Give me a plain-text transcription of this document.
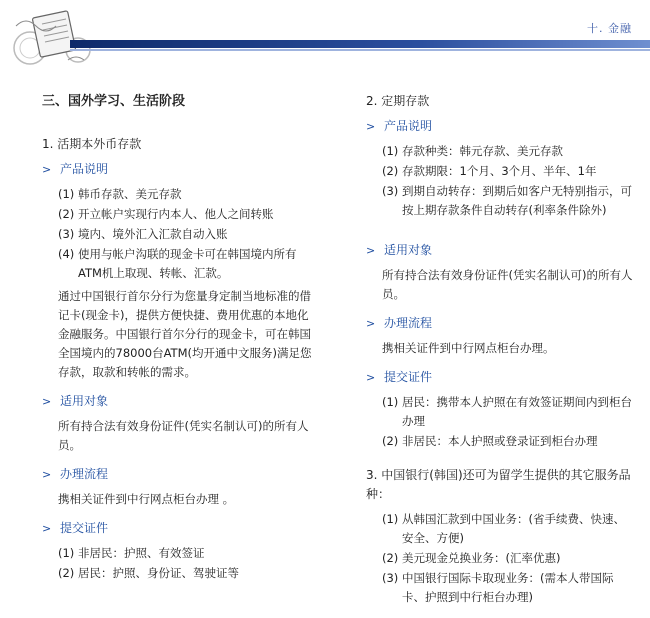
十. 金融
三、国外学习、生活阶段
1. 活期本外币存款
> 产品说明
(1) 韩币存款、美元存款
(2) 开立帐户实现行内本人、他人之间转账
(3) 境内、境外汇入汇款自动入账
(4) 使用与帐户沟联的现金卡可在韩国境内所有ATM机上取现、转帐、汇款。
通过中国银行首尔分行为您量身定制当地标准的借记卡(现金卡)，提供方便快捷、费用优惠的本地化金融服务。中国银行首尔分行的现金卡，可在韩国全国境内的78000台ATM(均开通中文服务)满足您存款，取款和转帐的需求。
> 适用对象
所有持合法有效身份证件(凭实名制认可)的所有人员。
> 办理流程
携相关证件到中行网点柜台办理 。
> 提交证件
(1) 非居民：护照、有效签证
(2) 居民：护照、身份证、驾驶证等
2. 定期存款
> 产品说明
(1) 存款种类：韩元存款、美元存款
(2) 存款期限：1个月、3个月、半年、1年
(3) 到期自动转存：到期后如客户无特别指示，可按上期存款条件自动转存(利率条件除外)
> 适用对象
所有持合法有效身份证件(凭实名制认可)的所有人员。
> 办理流程
携相关证件到中行网点柜台办理。
> 提交证件
(1) 居民：携带本人护照在有效签证期间内到柜台办理
(2) 非居民：本人护照或登录证到柜台办理
3. 中国银行(韩国)还可为留学生提供的其它服务品种：
(1) 从韩国汇款到中国业务：(省手续费、快速、安全、方便)
(2) 美元现金兑换业务：(汇率优惠)
(3) 中国银行国际卡取现业务：(需本人带国际卡、护照到中行柜台办理)
